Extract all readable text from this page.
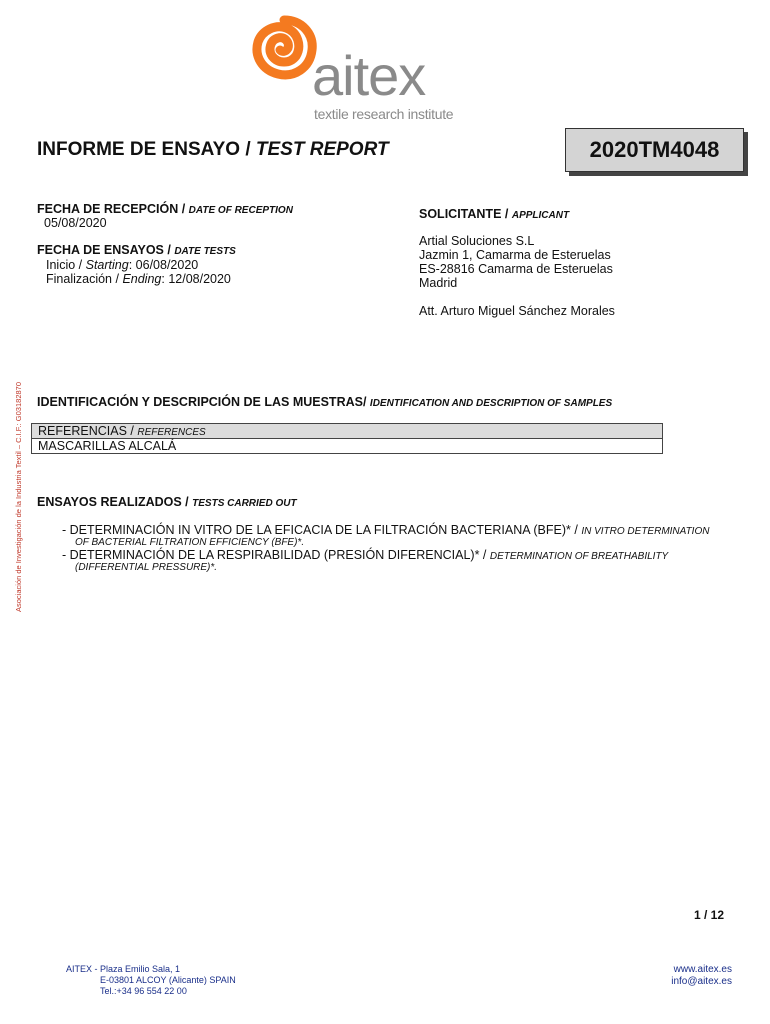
aitex
textile research institute
INFORME DE ENSAYO / TEST REPORT	2020TM4048
FECHA DE RECEPCIÓN / DATE OF RECEPTION
05/08/2020
FECHA DE ENSAYOS / DATE TESTS
Inicio / Starting: 06/08/2020
Finalización / Ending: 12/08/2020
SOLICITANTE / APPLICANT
Artial Soluciones S.L
Jazmin 1, Camarma de Esteruelas
ES-28816 Camarma de Esteruelas
Madrid
Att. Arturo Miguel Sánchez Morales
Asociación de Investigación de la Industria Textil – C.I.F.: G03182870 IDENTIFICACIÓN Y DESCRIPCIÓN DE LAS MUESTRAS/ IDENTIFICATION AND DESCRIPTION OF SAMPLES
REFERENCIAS / REFERENCES
MASCARILLAS ALCALÁ
ENSAYOS REALIZADOS / TESTS CARRIED OUT
- DETERMINACIÓN IN VITRO DE LA EFICACIA DE LA FILTRACIÓN BACTERIANA (BFE)* / IN VITRO DETERMINATION
OF BACTERIAL FILTRATION EFFICIENCY (BFE)*.
- DETERMINACIÓN DE LA RESPIRABILIDAD (PRESIÓN DIFERENCIAL)* / DETERMINATION OF BREATHABILITY
(DIFFERENTIAL PRESSURE)*.
1 / 12
AITEX - Plaza Emilio Sala, 1
E-03801 ALCOY (Alicante) SPAIN
Tel.:+34 96 554 22 00
www.aitex.es
info@aitex.es
